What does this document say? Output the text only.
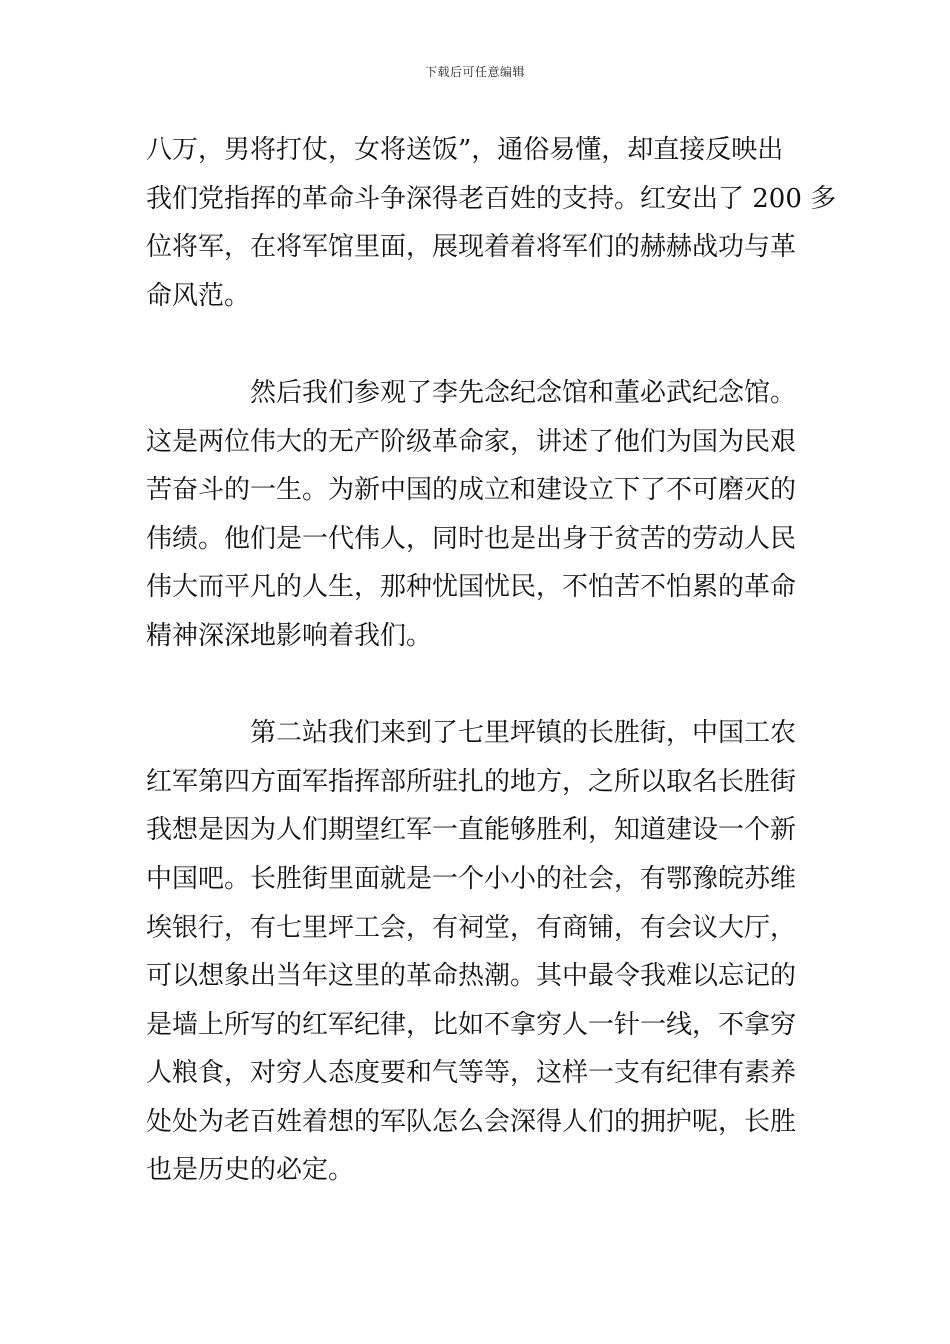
下载后可任意编辑

八万，男将打仗，女将送饭”，通俗易懂，却直接反映出
我们党指挥的革命斗争深得老百姓的支持。红安出了 200 多
位将军，在将军馆里面，展现着着将军们的赫赫战功与革
命风范。

然后我们参观了李先念纪念馆和董必武纪念馆。
这是两位伟大的无产阶级革命家，讲述了他们为国为民艰
苦奋斗的一生。为新中国的成立和建设立下了不可磨灭的
伟绩。他们是一代伟人，同时也是出身于贫苦的劳动人民
伟大而平凡的人生，那种忧国忧民，不怕苦不怕累的革命
精神深深地影响着我们。

第二站我们来到了七里坪镇的长胜街，中国工农
红军第四方面军指挥部所驻扎的地方，之所以取名长胜街
我想是因为人们期望红军一直能够胜利，知道建设一个新
中国吧。长胜街里面就是一个小小的社会，有鄂豫皖苏维
埃银行，有七里坪工会，有祠堂，有商铺，有会议大厅，
可以想象出当年这里的革命热潮。其中最令我难以忘记的
是墙上所写的红军纪律，比如不拿穷人一针一线，不拿穷
人粮食，对穷人态度要和气等等，这样一支有纪律有素养
处处为老百姓着想的军队怎么会深得人们的拥护呢，长胜
也是历史的必定。
